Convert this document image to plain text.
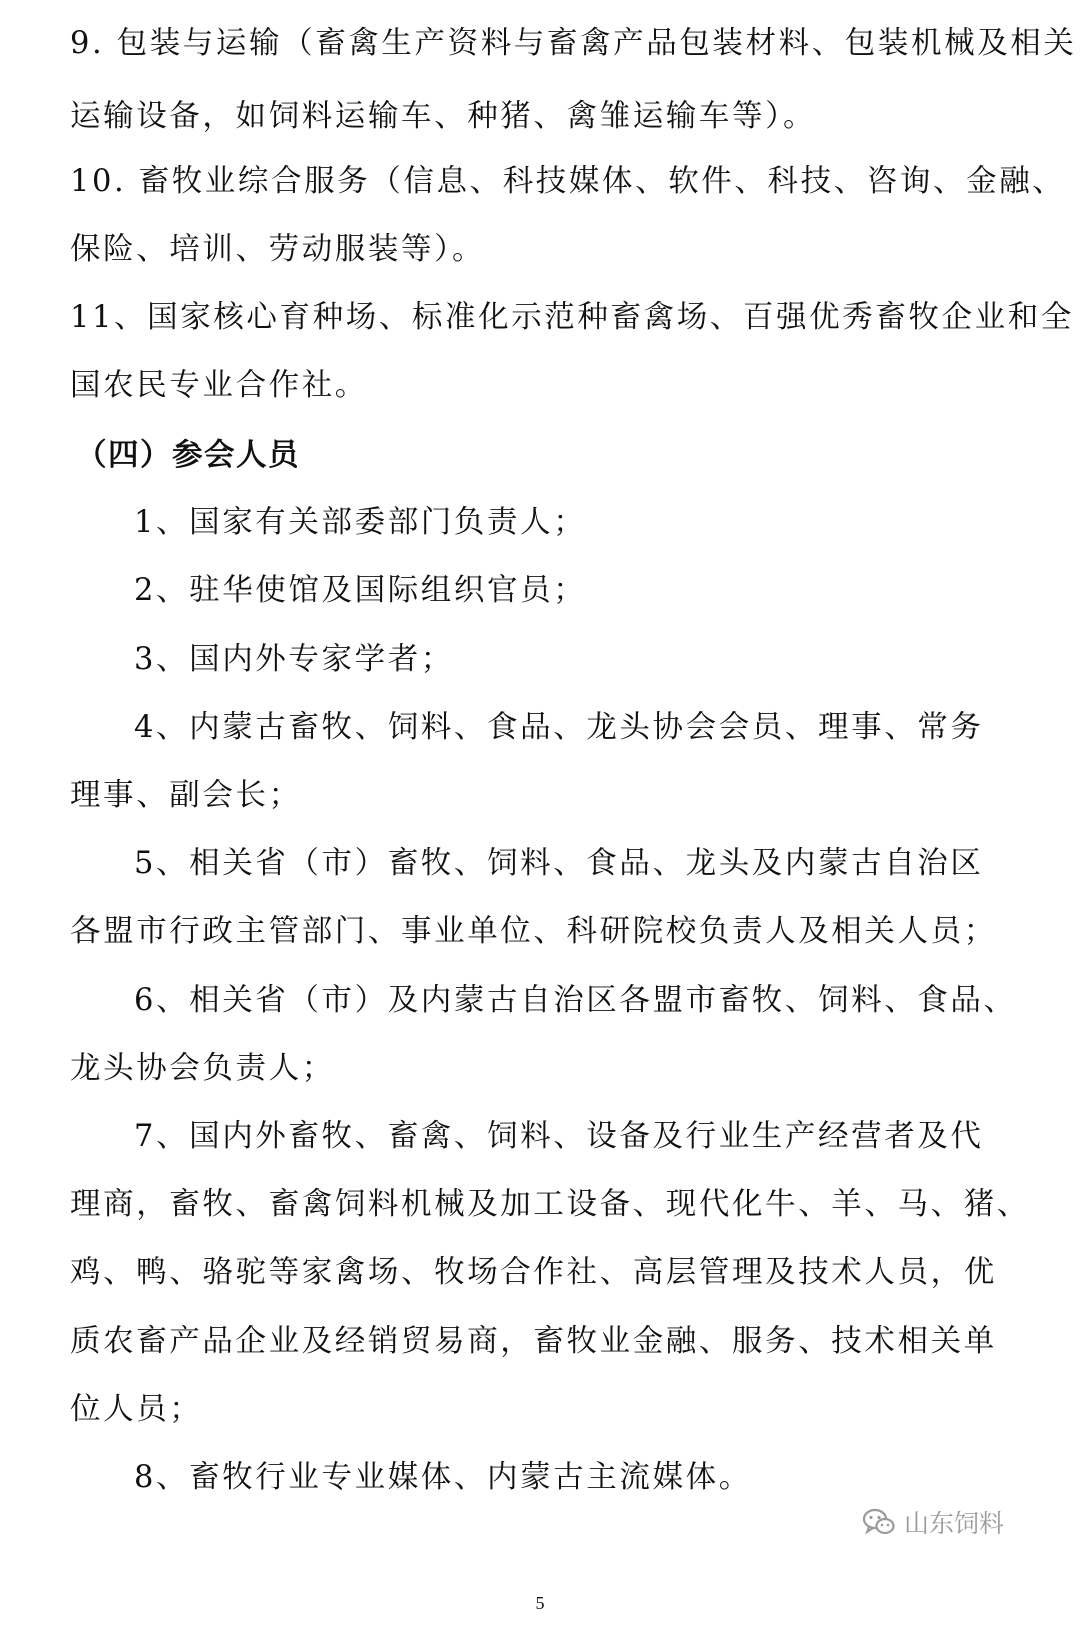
9. 包装与运输（畜禽生产资料与畜禽产品包装材料、包装机械及相关
运输设备，如饲料运输车、种猪、禽雏运输车等）。
10. 畜牧业综合服务（信息、科技媒体、软件、科技、咨询、金融、
保险、培训、劳动服装等）。
11、国家核心育种场、标准化示范种畜禽场、百强优秀畜牧企业和全
国农民专业合作社。
（四）参会人员
1、国家有关部委部门负责人；
2、驻华使馆及国际组织官员；
3、国内外专家学者；
4、内蒙古畜牧、饲料、食品、龙头协会会员、理事、常务
理事、副会长；
5、相关省（市）畜牧、饲料、食品、龙头及内蒙古自治区
各盟市行政主管部门、事业单位、科研院校负责人及相关人员；
6、相关省（市）及内蒙古自治区各盟市畜牧、饲料、食品、
龙头协会负责人；
7、国内外畜牧、畜禽、饲料、设备及行业生产经营者及代
理商，畜牧、畜禽饲料机械及加工设备、现代化牛、羊、马、猪、
鸡、鸭、骆驼等家禽场、牧场合作社、高层管理及技术人员，优
质农畜产品企业及经销贸易商，畜牧业金融、服务、技术相关单
位人员；
8、畜牧行业专业媒体、内蒙古主流媒体。
山东饲料
5
